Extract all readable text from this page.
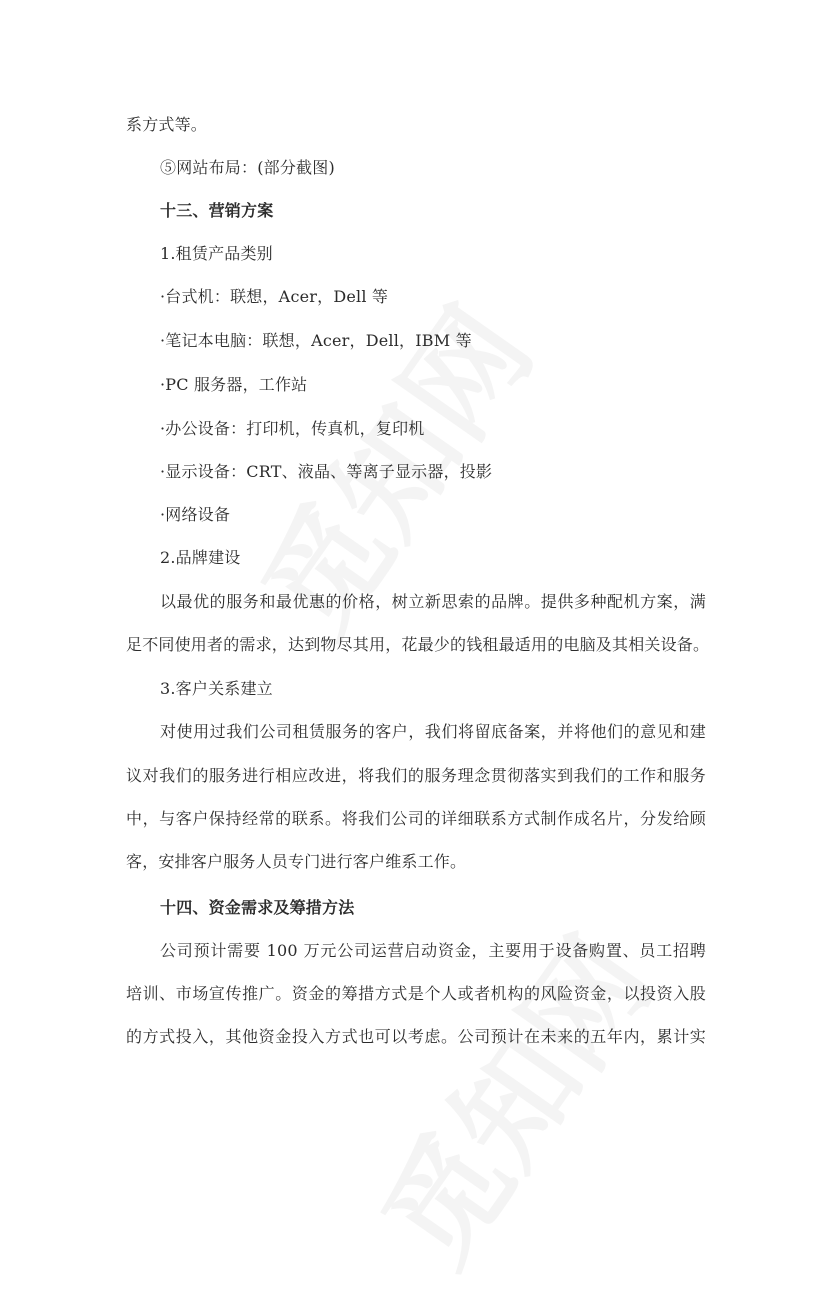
系方式等。
⑤网站布局：(部分截图)
十三、营销方案
1.租赁产品类别
·台式机：联想，Acer，Dell 等
·笔记本电脑：联想，Acer，Dell，IBM 等
·PC 服务器，工作站
·办公设备：打印机，传真机，复印机
·显示设备：CRT、液晶、等离子显示器，投影
·网络设备
2.品牌建设
以最优的服务和最优惠的价格，树立新思索的品牌。提供多种配机方案，满
足不同使用者的需求，达到物尽其用，花最少的钱租最适用的电脑及其相关设备。
3.客户关系建立
对使用过我们公司租赁服务的客户，我们将留底备案，并将他们的意见和建
议对我们的服务进行相应改进，将我们的服务理念贯彻落实到我们的工作和服务
中，与客户保持经常的联系。将我们公司的详细联系方式制作成名片，分发给顾
客，安排客户服务人员专门进行客户维系工作。
十四、资金需求及筹措方法
公司预计需要 100 万元公司运营启动资金，主要用于设备购置、员工招聘
培训、市场宣传推广。资金的筹措方式是个人或者机构的风险资金，以投资入股
的方式投入，其他资金投入方式也可以考虑。公司预计在未来的五年内，累计实
